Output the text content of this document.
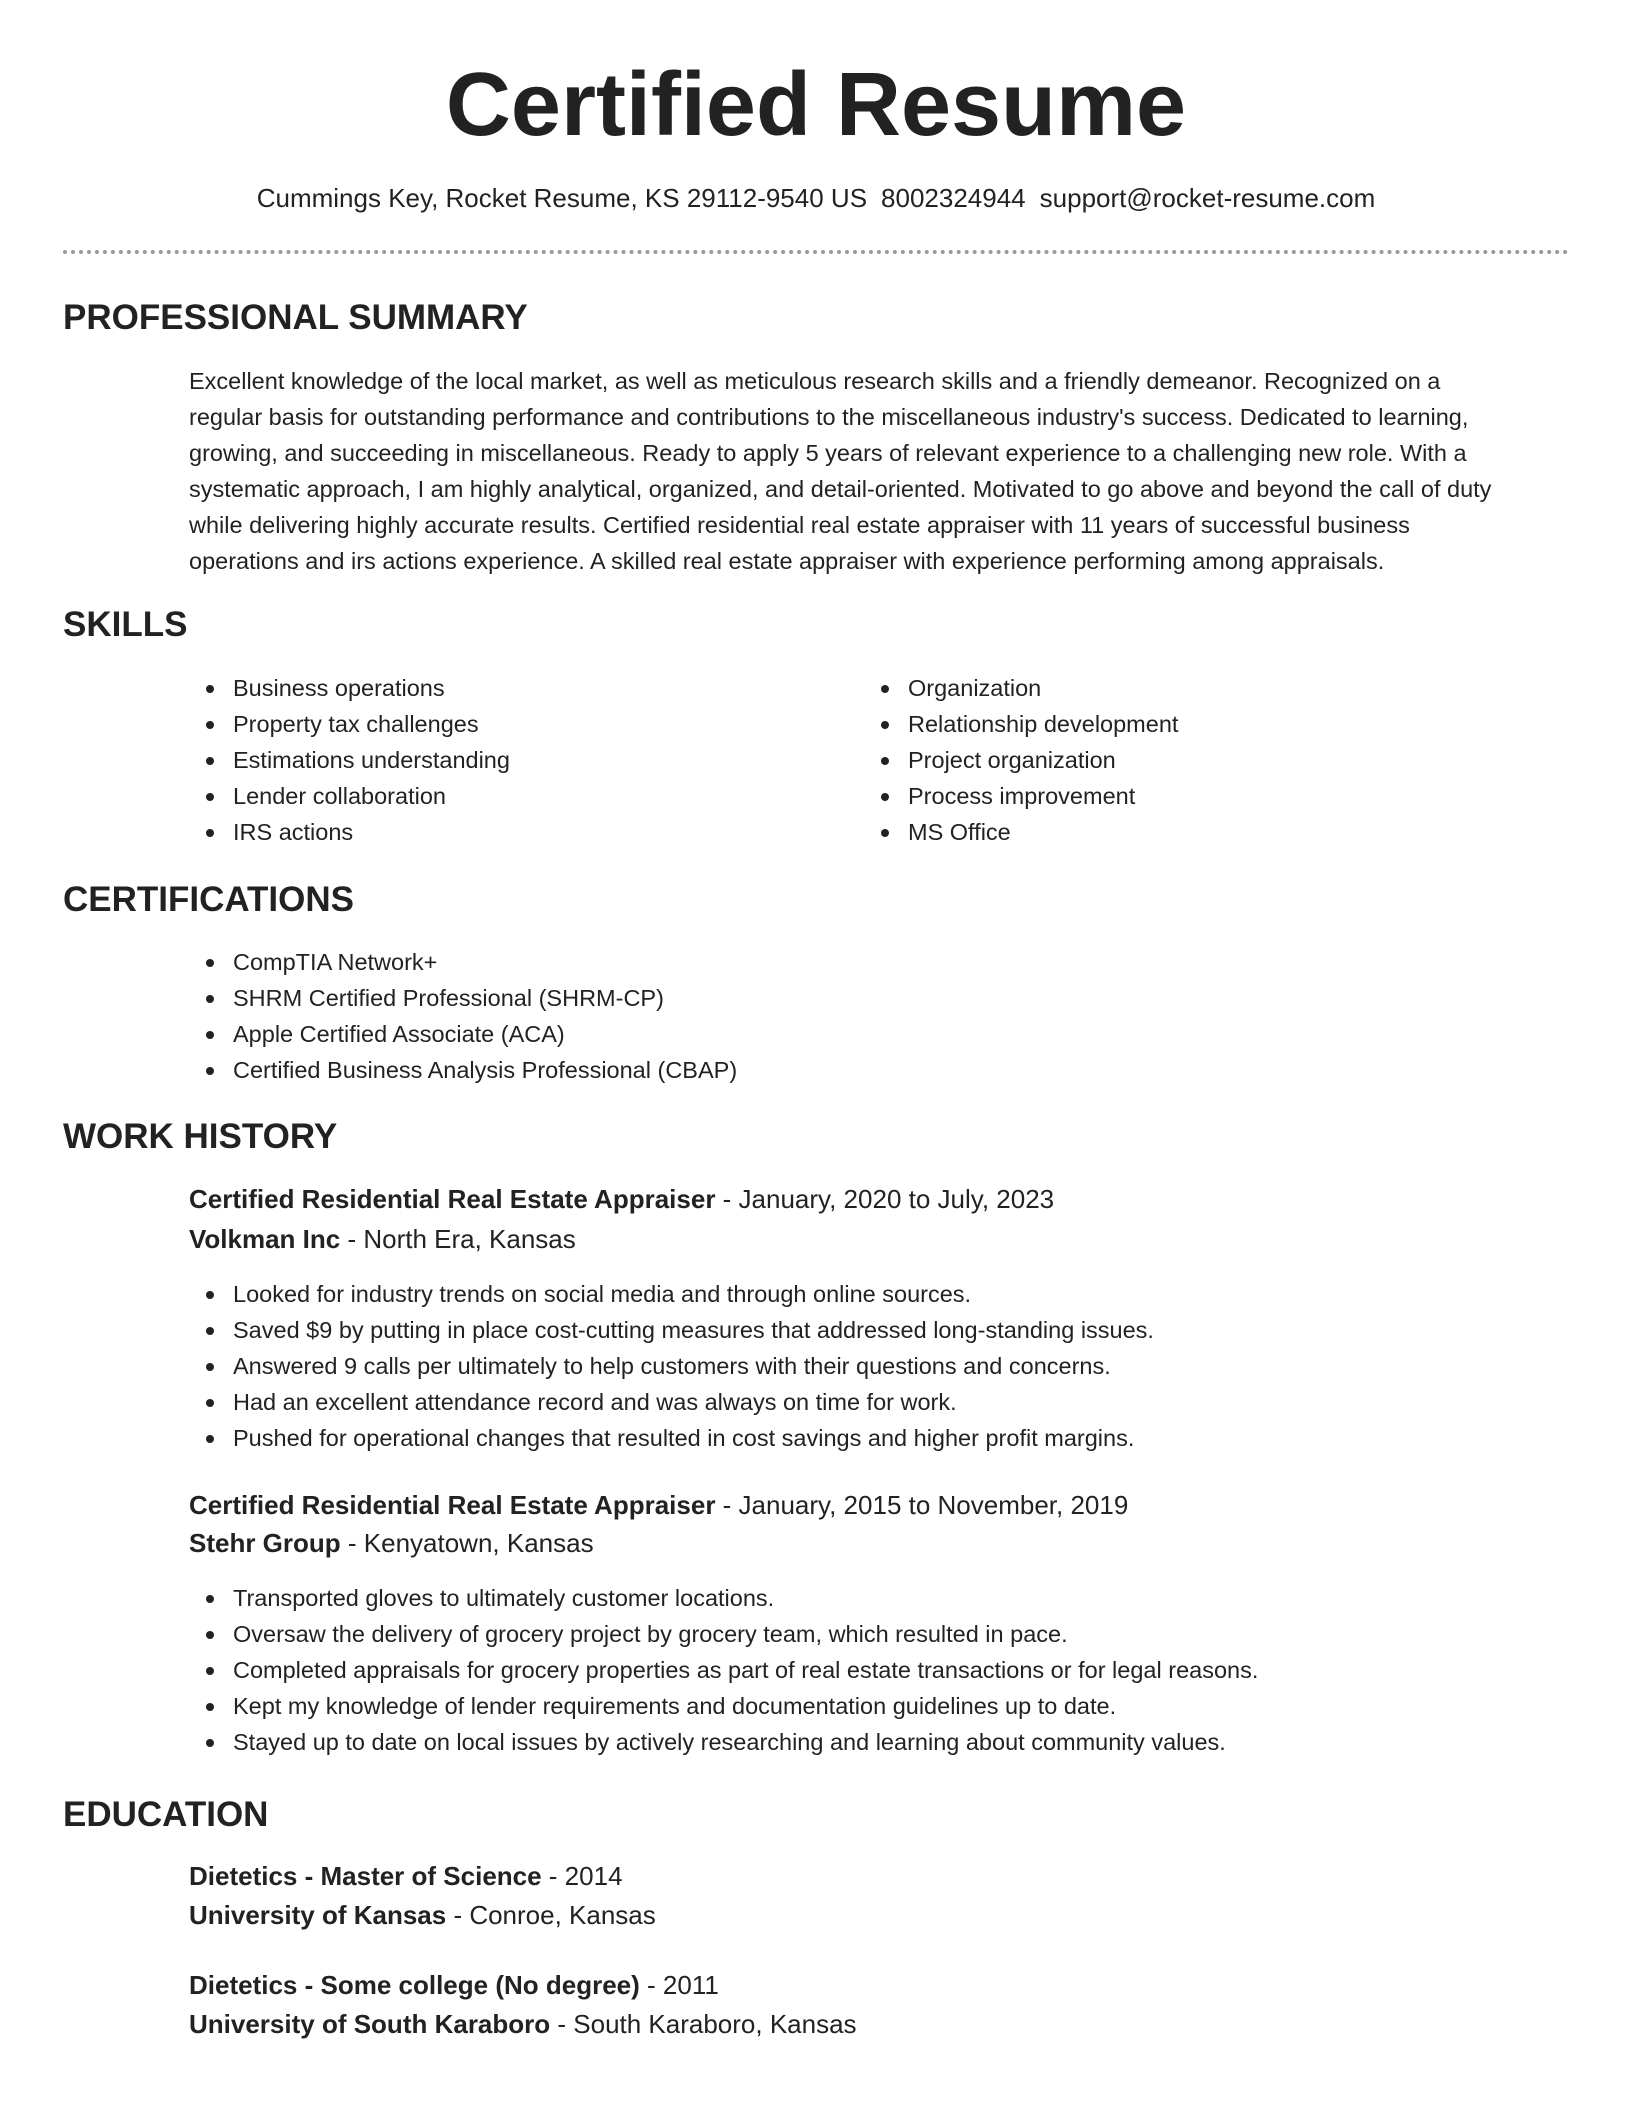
Certified Resume
Cummings Key, Rocket Resume, KS 29112-9540 US 8002324944 support@rocket-resume.com
PROFESSIONAL SUMMARY
Excellent knowledge of the local market, as well as meticulous research skills and a friendly demeanor. Recognized on a
regular basis for outstanding performance and contributions to the miscellaneous industry's success. Dedicated to learning,
growing, and succeeding in miscellaneous. Ready to apply 5 years of relevant experience to a challenging new role. With a
systematic approach, I am highly analytical, organized, and detail-oriented. Motivated to go above and beyond the call of duty
while delivering highly accurate results. Certified residential real estate appraiser with 11 years of successful business
operations and irs actions experience. A skilled real estate appraiser with experience performing among appraisals.
SKILLS
Business operations
Property tax challenges
Estimations understanding
Lender collaboration
IRS actions
Organization
Relationship development
Project organization
Process improvement
MS Office
CERTIFICATIONS
CompTIA Network+
SHRM Certified Professional (SHRM-CP)
Apple Certified Associate (ACA)
Certified Business Analysis Professional (CBAP)
WORK HISTORY
Certified Residential Real Estate Appraiser - January, 2020 to July, 2023
Volkman Inc - North Era, Kansas
Looked for industry trends on social media and through online sources.
Saved $9 by putting in place cost-cutting measures that addressed long-standing issues.
Answered 9 calls per ultimately to help customers with their questions and concerns.
Had an excellent attendance record and was always on time for work.
Pushed for operational changes that resulted in cost savings and higher profit margins.
Certified Residential Real Estate Appraiser - January, 2015 to November, 2019
Stehr Group - Kenyatown, Kansas
Transported gloves to ultimately customer locations.
Oversaw the delivery of grocery project by grocery team, which resulted in pace.
Completed appraisals for grocery properties as part of real estate transactions or for legal reasons.
Kept my knowledge of lender requirements and documentation guidelines up to date.
Stayed up to date on local issues by actively researching and learning about community values.
EDUCATION
Dietetics - Master of Science - 2014
University of Kansas - Conroe, Kansas
Dietetics - Some college (No degree) - 2011
University of South Karaboro - South Karaboro, Kansas
